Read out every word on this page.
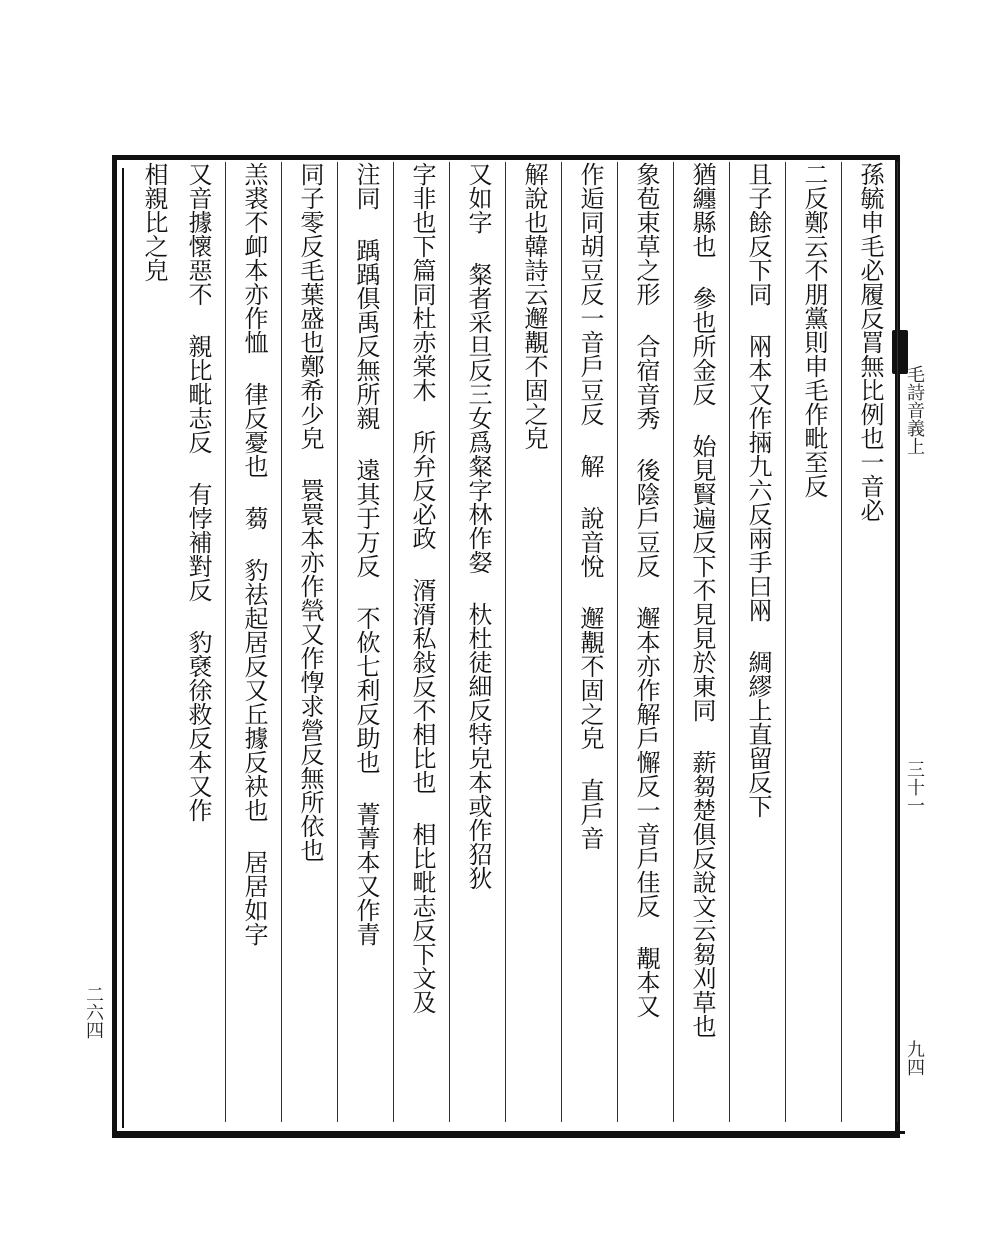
毛詩音義上
三十一
九四
二六四
孫毓申毛必履反罥無比例也一音必
二反鄭云不朋黨則申毛作毗至反
且子餘反下同 㒳本又作掚九六反兩手曰㒳 綢繆上直留反下
猶纏縣也 參也所金反 始見賢遍反下不見見於東同 薪芻楚俱反說文云芻刈草也
象苞束草之形 合宿音秀 後陰戶豆反 邂本亦作解戶懈反一音戶佳反 覯本又
作逅同胡豆反一音戶豆反 解 說音悅 邂覯不固之皃 直戶音
解說也韓詩云邂覯不固之皃
又如字 粲者采旦反三女爲粲字林作㛑 杕杜徒細反特皃本或作㹦狄
字非也下篇同杜赤棠木 所弁反必政 湑湑私敍反不相比也 相比毗志反下文及
注同 踽踽俱禹反無所親 遠其于万反 不佽七利反助也 菁菁本又作青
同子零反毛葉盛也鄭希少皃 睘睘本亦作煢又作惸求營反無所依也
羔裘不卹本亦作恤 律反憂也 蒭 豹祛起居反又丘據反袂也 居居如字
又音據懷惡不 親比毗志反 有悖補對反 豹褎徐救反本又作
相親比之皃
